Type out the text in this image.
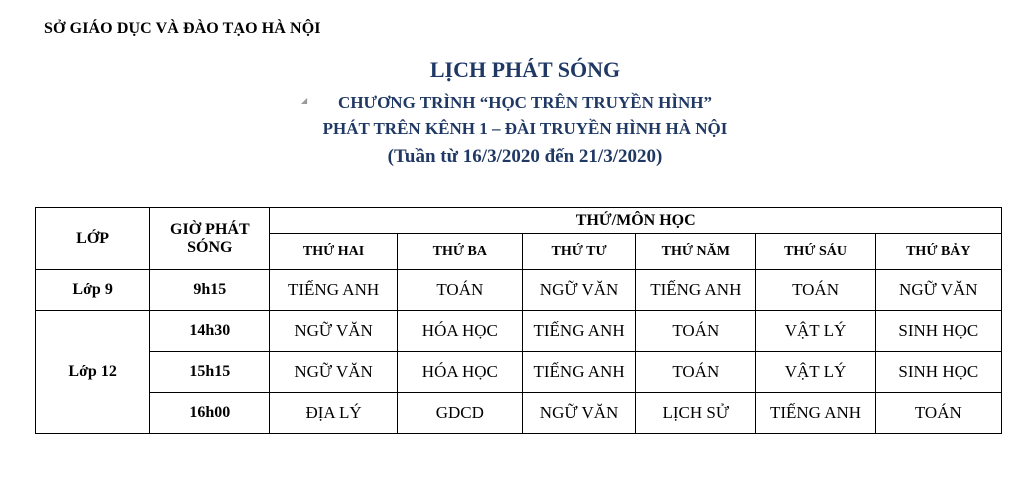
SỞ GIÁO DỤC VÀ ĐÀO TẠO HÀ NỘI
LỊCH PHÁT SÓNG
◢	CHƯƠNG TRÌNH “HỌC TRÊN TRUYỀN HÌNH”
PHÁT TRÊN KÊNH 1 – ĐÀI TRUYỀN HÌNH HÀ NỘI
(Tuần từ 16/3/2020 đến 21/3/2020)
LỚP	GIỜ PHÁT SÓNG	THỨ/MÔN HỌC					
		THỨ HAI	THỨ BA	THỨ TƯ	THỨ NĂM	THỨ SÁU	THỨ BẢY
Lớp 9	9h15	TIẾNG ANH	TOÁN	NGỮ VĂN	TIẾNG ANH	TOÁN	NGỮ VĂN
Lớp 12	14h30	NGỮ VĂN	HÓA HỌC	TIẾNG ANH	TOÁN	VẬT LÝ	SINH HỌC
	15h15	NGỮ VĂN	HÓA HỌC	TIẾNG ANH	TOÁN	VẬT LÝ	SINH HỌC
	16h00	ĐỊA LÝ	GDCD	NGỮ VĂN	LỊCH SỬ	TIẾNG ANH	TOÁN
